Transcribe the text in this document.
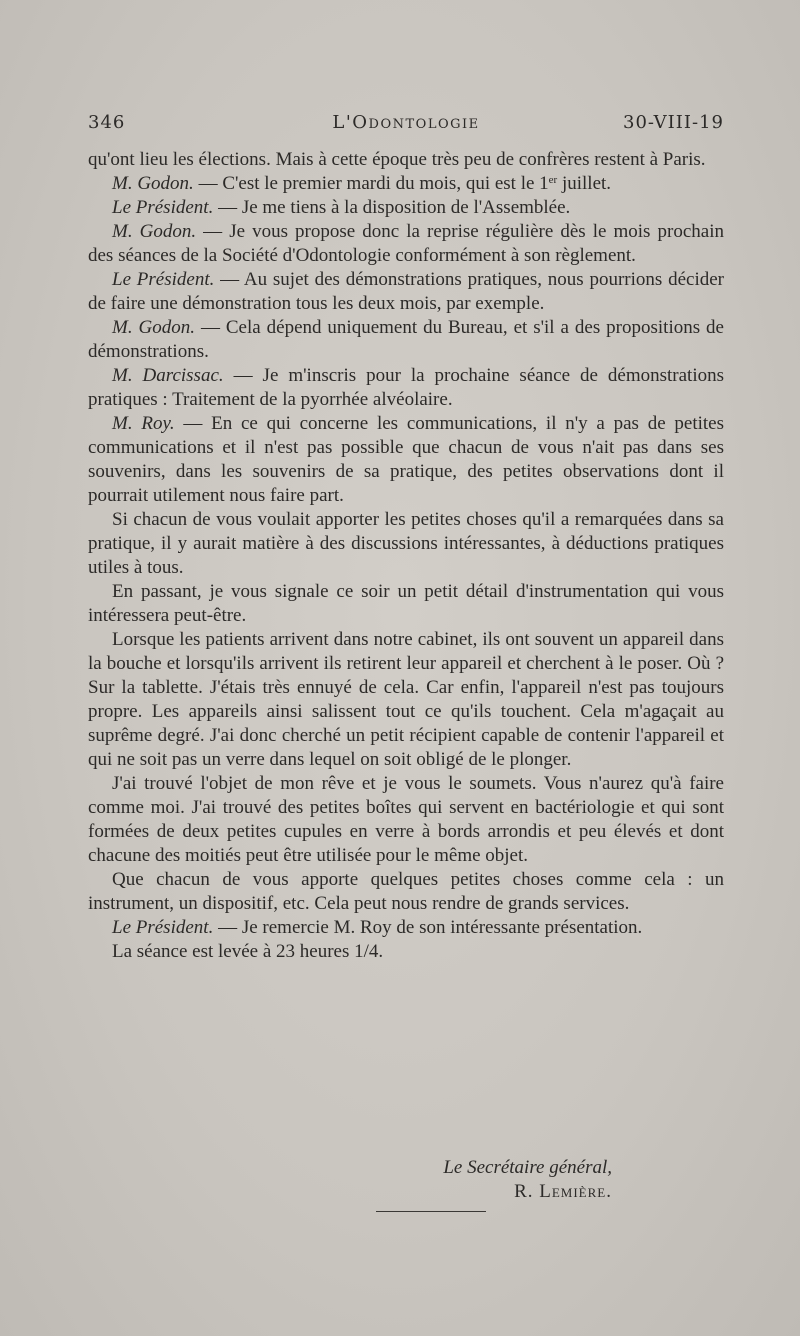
346	L'Odontologie	30-VIII-19

qu'ont lieu les élections. Mais à cette époque très peu de confrères restent à Paris.

M. Godon. — C'est le premier mardi du mois, qui est le 1er juillet.

Le Président. — Je me tiens à la disposition de l'Assemblée.

M. Godon. — Je vous propose donc la reprise régulière dès le mois prochain des séances de la Société d'Odontologie conformément à son règlement.

Le Président. — Au sujet des démonstrations pratiques, nous pourrions décider de faire une démonstration tous les deux mois, par exemple.

M. Godon. — Cela dépend uniquement du Bureau, et s'il a des propositions de démonstrations.

M. Darcissac. — Je m'inscris pour la prochaine séance de démonstrations pratiques : Traitement de la pyorrhée alvéolaire.

M. Roy. — En ce qui concerne les communications, il n'y a pas de petites communications et il n'est pas possible que chacun de vous n'ait pas dans ses souvenirs, dans les souvenirs de sa pratique, des petites observations dont il pourrait utilement nous faire part.

Si chacun de vous voulait apporter les petites choses qu'il a remarquées dans sa pratique, il y aurait matière à des discussions intéressantes, à déductions pratiques utiles à tous.

En passant, je vous signale ce soir un petit détail d'instrumentation qui vous intéressera peut-être.

Lorsque les patients arrivent dans notre cabinet, ils ont souvent un appareil dans la bouche et lorsqu'ils arrivent ils retirent leur appareil et cherchent à le poser. Où ? Sur la tablette. J'étais très ennuyé de cela. Car enfin, l'appareil n'est pas toujours propre. Les appareils ainsi salissent tout ce qu'ils touchent. Cela m'agaçait au suprême degré. J'ai donc cherché un petit récipient capable de contenir l'appareil et qui ne soit pas un verre dans lequel on soit obligé de le plonger.

J'ai trouvé l'objet de mon rêve et je vous le soumets. Vous n'aurez qu'à faire comme moi. J'ai trouvé des petites boîtes qui servent en bactériologie et qui sont formées de deux petites cupules en verre à bords arrondis et peu élevés et dont chacune des moitiés peut être utilisée pour le même objet.

Que chacun de vous apporte quelques petites choses comme cela : un instrument, un dispositif, etc. Cela peut nous rendre de grands services.

Le Président. — Je remercie M. Roy de son intéressante présentation.

La séance est levée à 23 heures 1/4.

Le Secrétaire général,
R. Lemière.
